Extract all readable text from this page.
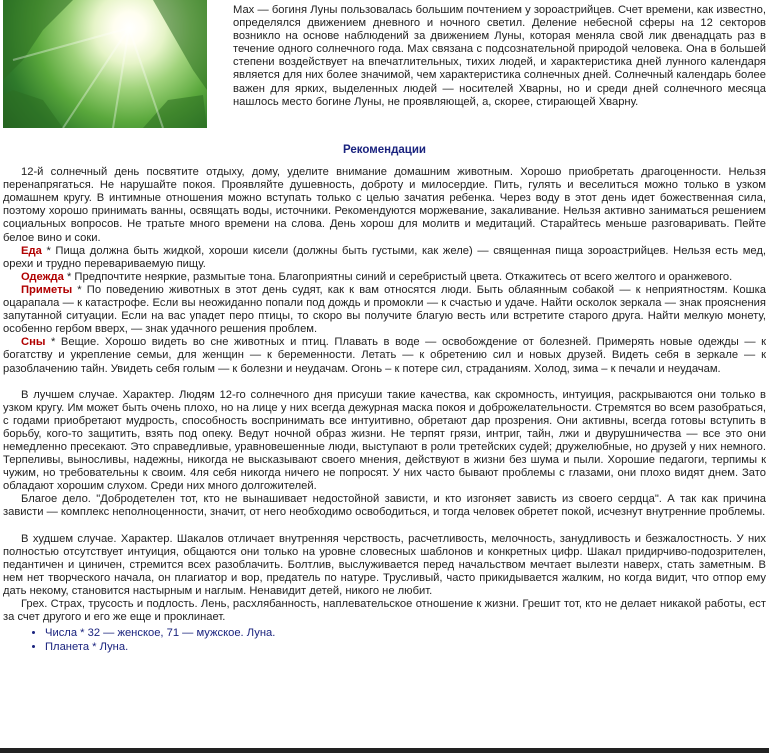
Мах — богиня Луны пользовалась большим почтением у зороастрийцев. Счет времени, как известно, определялся движением дневного и ночного светил. Деление небесной сферы на 12 секторов возникло на основе наблюдений за движением Луны, которая меняла свой лик двенадцать раз в течение одного солнечного года. Мах связана с подсознательной природой человека. Она в большей степени воздействует на впечатлительных, тихих людей, и характеристика дней лунного календаря является для них более значимой, чем характеристика солнечных дней. Солнечный календарь более важен для ярких, выделенных людей — носителей Хварны, но и среди дней солнечного месяца нашлось место богине Луны, не проявляющей, а, скорее, стирающей Хварну.
Рекомендации

12-й солнечный день посвятите отдыху, дому, уделите внимание домашним животным. Хорошо приобретать драгоценности. Нельзя перенапрягаться. Не нарушайте покоя. Проявляйте душевность, доброту и милосердие. Пить, гулять и веселиться можно только в узком домашнем кругу. В интимные отношения можно вступать только с целью зачатия ребенка. Через воду в этот день идет божественная сила, поэтому хорошо принимать ванны, освящать воды, источники. Рекомендуются моржевание, закаливание. Нельзя активно заниматься решением социальных вопросов. Не тратьте много времени на слова. День хорош для молитв и медитаций. Старайтесь меньше разговаривать. Пейте белое вино и соки.

Еда * Пища должна быть жидкой, хороши кисели (должны быть густыми, как желе) — священная пища зороастрийцев. Нельзя есть мед, орехи и трудно перевариваемую пищу.

Одежда * Предпочтите неяркие, размытые тона. Благоприятны синий и серебристый цвета. Откажитесь от всего желтого и оранжевого.

Приметы * По поведению животных в этот день судят, как к вам относятся люди. Быть облаянным собакой — к неприятностям. Кошка оцарапала — к катастрофе. Если вы неожиданно попали под дождь и промокли — к счастью и удаче. Найти осколок зеркала — знак прояснения запутанной ситуации. Если на вас упадет перо птицы, то скоро вы получите благую весть или встретите старого друга. Найти мелкую монету, особенно гербом вверх, — знак удачного решения проблем.

Сны * Вещие. Хорошо видеть во сне животных и птиц. Плавать в воде — освобождение от болезней. Примерять новые одежды — к богатству и укрепление семьи, для женщин — к беременности. Летать — к обретению сил и новых друзей. Видеть себя в зеркале — к разоблачению тайн. Увидеть себя голым — к болезни и неудачам. Огонь – к потере сил, страданиям. Холод, зима – к печали и неудачам.

В лучшем случае. Характер. Людям 12-го солнечного дня присуши такие качества, как скромность, интуиция, раскрываются они только в узком кругу. Им может быть очень плохо, но на лице у них всегда дежурная маска покоя и доброжелательности. Стремятся во всем разобраться, с годами приобретают мудрость, способность воспринимать все интуитивно, обретают дар прозрения. Они активны, всегда готовы вступить в борьбу, кого-то защитить, взять под опеку. Ведут ночной образ жизни. Не терпят грязи, интриг, тайн, лжи и двурушничества — все это они немедленно пресекают. Это справедливые, уравновешенные люди, выступают в роли третейских судей; дружелюбные, но друзей у них немного. Терпеливы, выносливы, надежны, никогда не высказывают своего мнения, действуют в жизни без шума и пыли. Хорошие педагоги, терпимы к чужим, но требовательны к своим. 4ля себя никогда ничего не попросят. У них часто бывают проблемы с глазами, они плохо видят днем. Зато обладают хорошим слухом. Среди них много долгожителей.

Благое дело. "Добродетелен тот, кто не вынашивает недостойной зависти, и кто изгоняет зависть из своего сердца". А так как причина зависти — комплекс неполноценности, значит, от него необходимо освободиться, и тогда человек обретет покой, исчезнут внутренние проблемы.

В худшем случае. Характер. Шакалов отличает внутренняя черствость, расчетливость, мелочность, занудливость и безжалостность. У них полностью отсутствует интуиция, общаются они только на уровне словесных шаблонов и конкретных цифр. Шакал придирчиво-подозрителен, педантичен и циничен, стремится всех разоблачить. Болтлив, выслуживается перед начальством мечтает вылезти наверх, стать заметным. В нем нет творческого начала, он плагиатор и вор, предатель по натуре. Трусливый, часто прикидывается жалким, но когда видит, что отпор ему дать некому, становится настырным и наглым. Ненавидит детей, никого не любит.

Грех. Страх, трусость и подлость. Лень, расхлябанность, наплевательское отношение к жизни. Грешит тот, кто не делает никакой работы, ест за счет другого и его же еще и проклинает.

• Числа * 32 — женское, 71 — мужское. Луна.
• Планета * Луна.
